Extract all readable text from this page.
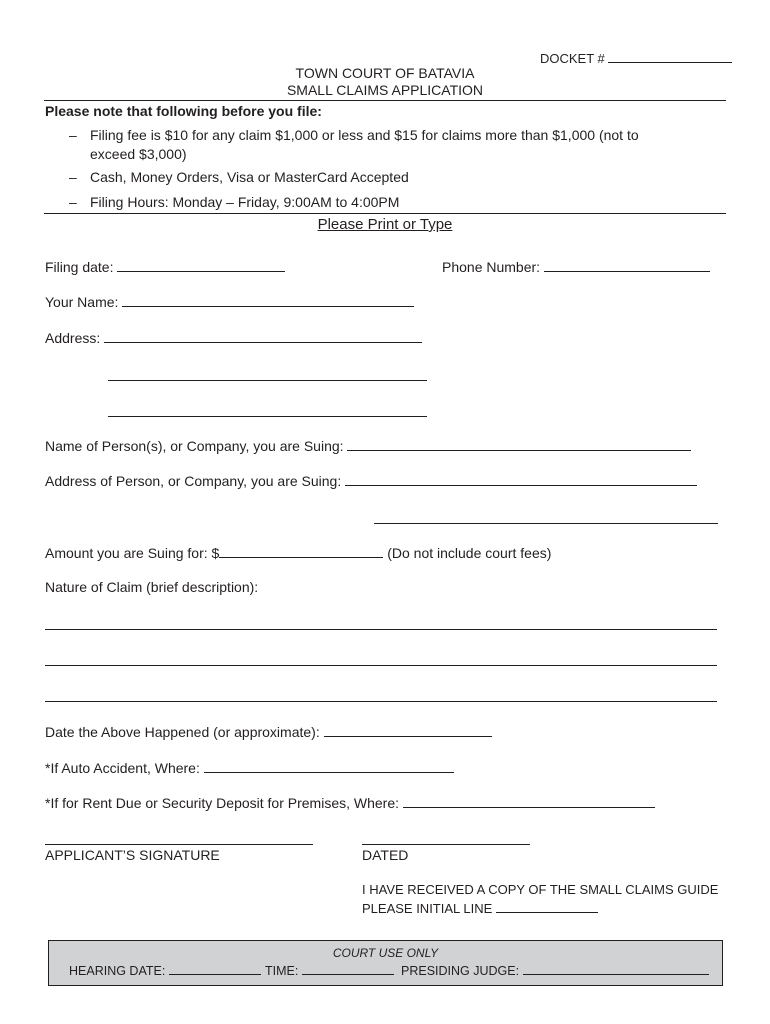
DOCKET #
TOWN COURT OF BATAVIA
SMALL CLAIMS APPLICATION
Please note that following before you file:
– Filing fee is $10 for any claim $1,000 or less and $15 for claims more than $1,000 (not to exceed $3,000)
– Cash, Money Orders, Visa or MasterCard Accepted
– Filing Hours: Monday – Friday, 9:00AM to 4:00PM
Please Print or Type
Filing date:	Phone Number:
Your Name:
Address:
Name of Person(s), or Company, you are Suing:
Address of Person, or Company, you are Suing:
Amount you are Suing for: $	(Do not include court fees)
Nature of Claim (brief description):
Date the Above Happened (or approximate):
*If Auto Accident, Where:
*If for Rent Due or Security Deposit for Premises, Where:
APPLICANT’S SIGNATURE	DATED
I HAVE RECEIVED A COPY OF THE SMALL CLAIMS GUIDE
PLEASE INITIAL LINE
COURT USE ONLY
HEARING DATE:	TIME:	PRESIDING JUDGE:
